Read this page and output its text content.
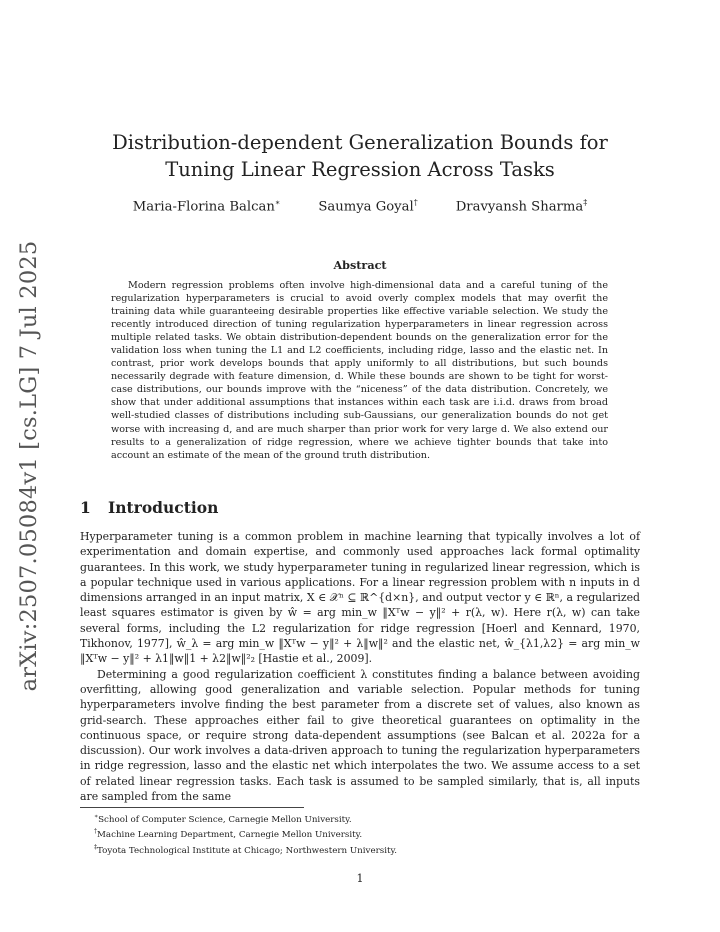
arXiv:2507.05084v1 [cs.LG] 7 Jul 2025
Distribution-dependent Generalization Bounds for Tuning Linear Regression Across Tasks
Maria-Florina Balcan∗	Saumya Goyal†	Dravyansh Sharma‡
Abstract

Modern regression problems often involve high-dimensional data and a careful tuning of the regularization hyperparameters is crucial to avoid overly complex models that may overfit the training data while guaranteeing desirable properties like effective variable selection. We study the recently introduced direction of tuning regularization hyperparameters in linear regression across multiple related tasks. We obtain distribution-dependent bounds on the generalization error for the validation loss when tuning the L1 and L2 coefficients, including ridge, lasso and the elastic net. In contrast, prior work develops bounds that apply uniformly to all distributions, but such bounds necessarily degrade with feature dimension, d. While these bounds are shown to be tight for worst-case distributions, our bounds improve with the “niceness” of the data distribution. Concretely, we show that under additional assumptions that instances within each task are i.i.d. draws from broad well-studied classes of distributions including sub-Gaussians, our generalization bounds do not get worse with increasing d, and are much sharper than prior work for very large d. We also extend our results to a generalization of ridge regression, where we achieve tighter bounds that take into account an estimate of the mean of the ground truth distribution.

1 Introduction

Hyperparameter tuning is a common problem in machine learning that typically involves a lot of experimentation and domain expertise, and commonly used approaches lack formal optimality guarantees. In this work, we study hyperparameter tuning in regularized linear regression, which is a popular technique used in various applications. For a linear regression problem with n inputs in d dimensions arranged in an input matrix, X ∈ 𝒳ⁿ ⊆ ℝ^{d×n}, and output vector y ∈ ℝⁿ, a regularized least squares estimator is given by ŵ = arg min_w ‖Xᵀw − y‖² + r(λ, w). Here r(λ, w) can take several forms, including the L2 regularization for ridge regression [Hoerl and Kennard, 1970, Tikhonov, 1977], ŵ_λ = arg min_w ‖Xᵀw − y‖² + λ‖w‖² and the elastic net, ŵ_{λ1,λ2} = arg min_w ‖Xᵀw − y‖² + λ1‖w‖1 + λ2‖w‖²₂ [Hastie et al., 2009].

Determining a good regularization coefficient λ constitutes finding a balance between avoiding overfitting, allowing good generalization and variable selection. Popular methods for tuning hyperparameters involve finding the best parameter from a discrete set of values, also known as grid-search. These approaches either fail to give theoretical guarantees on optimality in the continuous space, or require strong data-dependent assumptions (see Balcan et al. 2022a for a discussion). Our work involves a data-driven approach to tuning the regularization hyperparameters in ridge regression, lasso and the elastic net which interpolates the two. We assume access to a set of related linear regression tasks. Each task is assumed to be sampled similarly, that is, all inputs are sampled from the same

∗School of Computer Science, Carnegie Mellon University.
†Machine Learning Department, Carnegie Mellon University.
‡Toyota Technological Institute at Chicago; Northwestern University.
1
